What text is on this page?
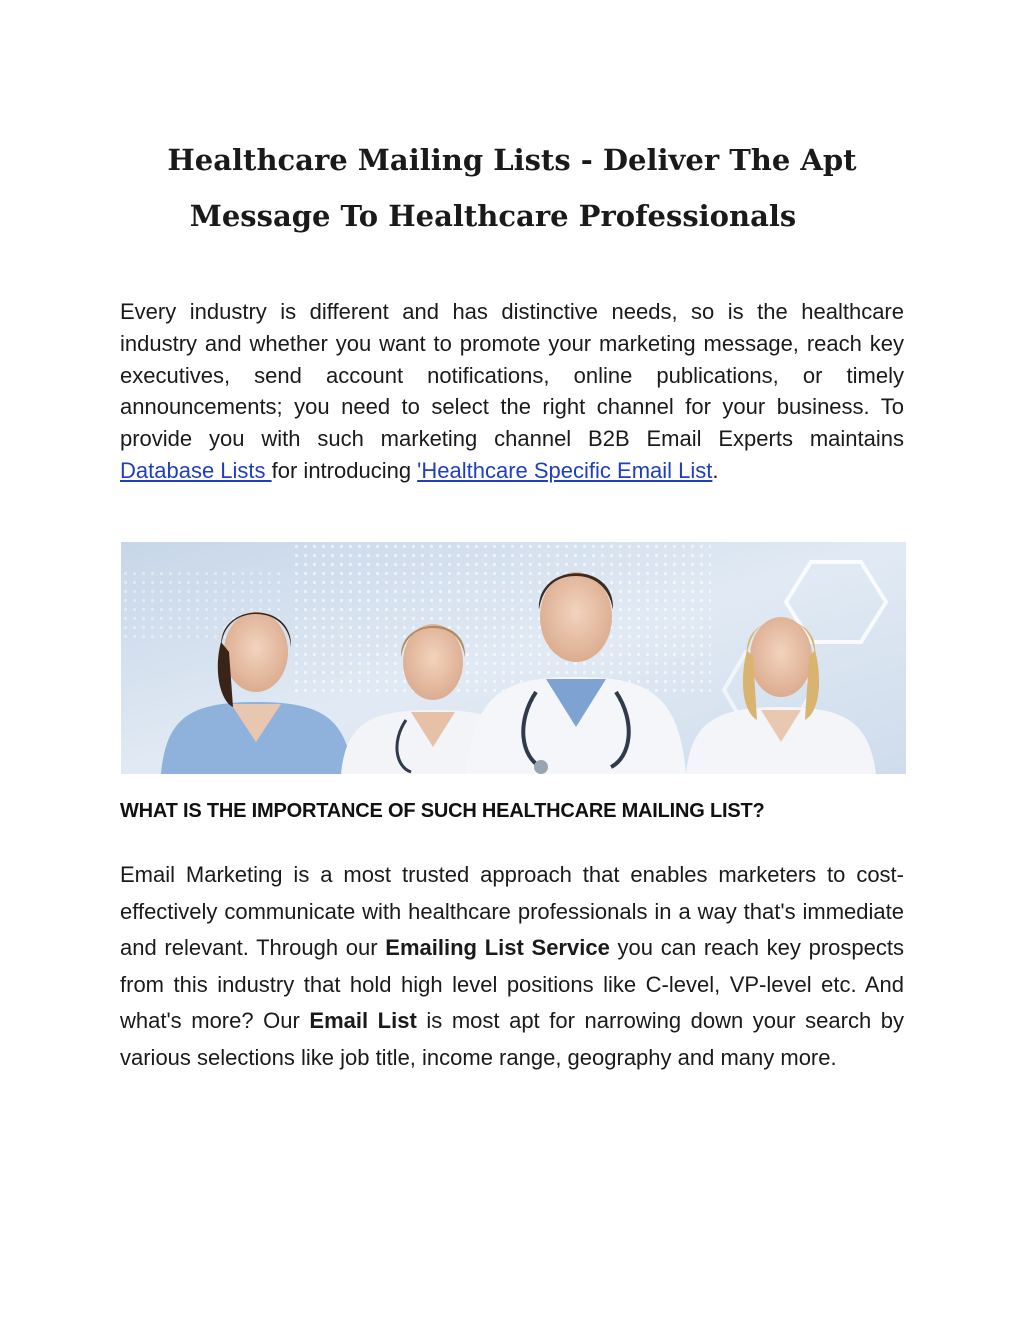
Healthcare Mailing Lists - Deliver The Apt
Message To Healthcare Professionals

Every industry is different and has distinctive needs, so is the healthcare industry and whether you want to promote your marketing message, reach key executives, send account notifications, online publications, or timely announcements; you need to select the right channel for your business. To provide you with such marketing channel B2B Email Experts maintains Database Lists for introducing 'Healthcare Specific Email List.

WHAT IS THE IMPORTANCE OF SUCH HEALTHCARE MAILING LIST?

Email Marketing is a most trusted approach that enables marketers to cost-effectively communicate with healthcare professionals in a way that's immediate and relevant. Through our Emailing List Service you can reach key prospects from this industry that hold high level positions like C-level, VP-level etc. And what's more? Our Email List is most apt for narrowing down your search by various selections like job title, income range, geography and many more.
